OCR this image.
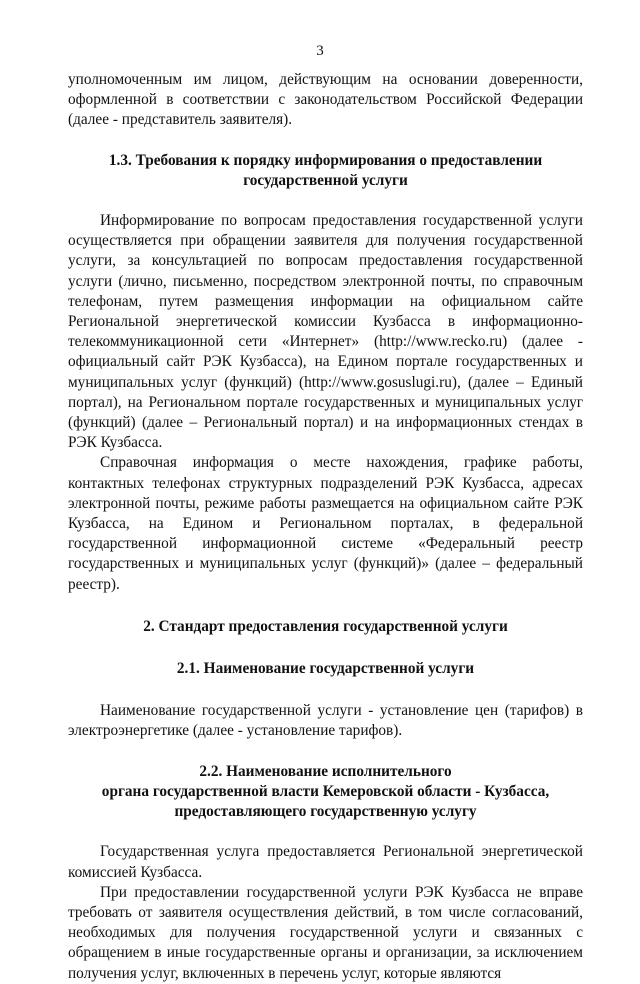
3

уполномоченным им лицом, действующим на основании доверенности, оформленной в соответствии с законодательством Российской Федерации (далее - представитель заявителя).

1.3. Требования к порядку информирования о предоставлении
государственной услуги

Информирование по вопросам предоставления государственной услуги осуществляется при обращении заявителя для получения государственной услуги, за консультацией по вопросам предоставления государственной услуги (лично, письменно, посредством электронной почты, по справочным телефонам, путем размещения информации на официальном сайте Региональной энергетической комиссии Кузбасса в информационно-телекоммуникационной сети «Интернет» (http://www.recko.ru) (далее - официальный сайт РЭК Кузбасса), на Едином портале государственных и муниципальных услуг (функций) (http://www.gosuslugi.ru), (далее – Единый портал), на Региональном портале государственных и муниципальных услуг (функций) (далее – Региональный портал) и на информационных стендах в РЭК Кузбасса.

Справочная информация о месте нахождения, графике работы, контактных телефонах структурных подразделений РЭК Кузбасса, адресах электронной почты, режиме работы размещается на официальном сайте РЭК Кузбасса, на Едином и Региональном порталах, в федеральной государственной информационной системе «Федеральный реестр государственных и муниципальных услуг (функций)» (далее – федеральный реестр).

2. Стандарт предоставления государственной услуги
2.1. Наименование государственной услуги

Наименование государственной услуги - установление цен (тарифов) в электроэнергетике (далее - установление тарифов).

2.2. Наименование исполнительного
органа государственной власти Кемеровской области - Кузбасса,
предоставляющего государственную услугу

Государственная услуга предоставляется Региональной энергетической комиссией Кузбасса.

При предоставлении государственной услуги РЭК Кузбасса не вправе требовать от заявителя осуществления действий, в том числе согласований, необходимых для получения государственной услуги и связанных с обращением в иные государственные органы и организации, за исключением получения услуг, включенных в перечень услуг, которые являются
